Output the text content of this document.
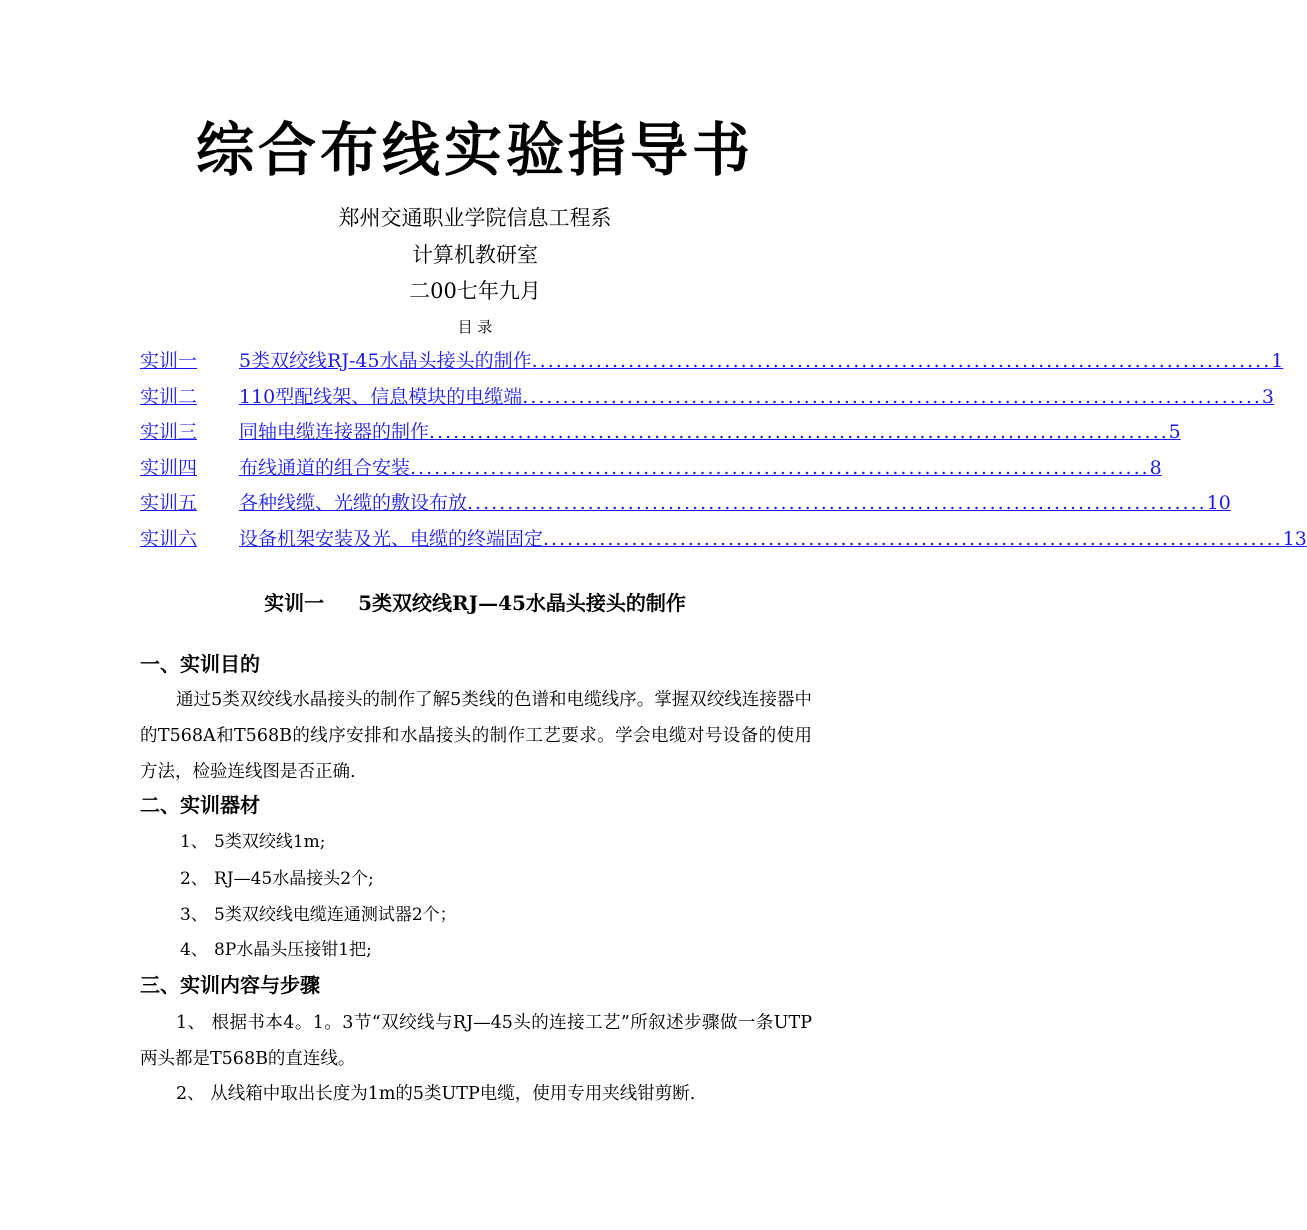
综合布线实验指导书
郑州交通职业学院信息工程系
计算机教研室
二00七年九月
目 录
实训一	5类双绞线RJ-45水晶头接头的制作 ............................................................................................ 1
实训二	110型配线架、信息模块的电缆端 ............................................................................................ 3
实训三	同轴电缆连接器的制作 ............................................................................................ 5
实训四	布线通道的组合安装 ............................................................................................ 8
实训五	各种线缆、光缆的敷设布放 ............................................................................................ 10
实训六	设备机架安装及光、电缆的终端固定 ............................................................................................ 13
实训一 5类双绞线RJ—45水晶头接头的制作
一、实训目的
通过5类双绞线水晶接头的制作了解5类线的色谱和电缆线序。掌握双绞线连接器中的T568A和T568B的线序安排和水晶接头的制作工艺要求。学会电缆对号设备的使用方法，检验连线图是否正确.
二、实训器材
1、 5类双绞线1m;
2、 RJ—45水晶接头2个;
3、 5类双绞线电缆连通测试器2个；
4、 8P水晶头压接钳1把;
三、实训内容与步骤
1、 根据书本4。1。3节“双绞线与RJ—45头的连接工艺”所叙述步骤做一条UTP两头都是T568B的直连线。
2、 从线箱中取出长度为1m的5类UTP电缆，使用专用夹线钳剪断.
